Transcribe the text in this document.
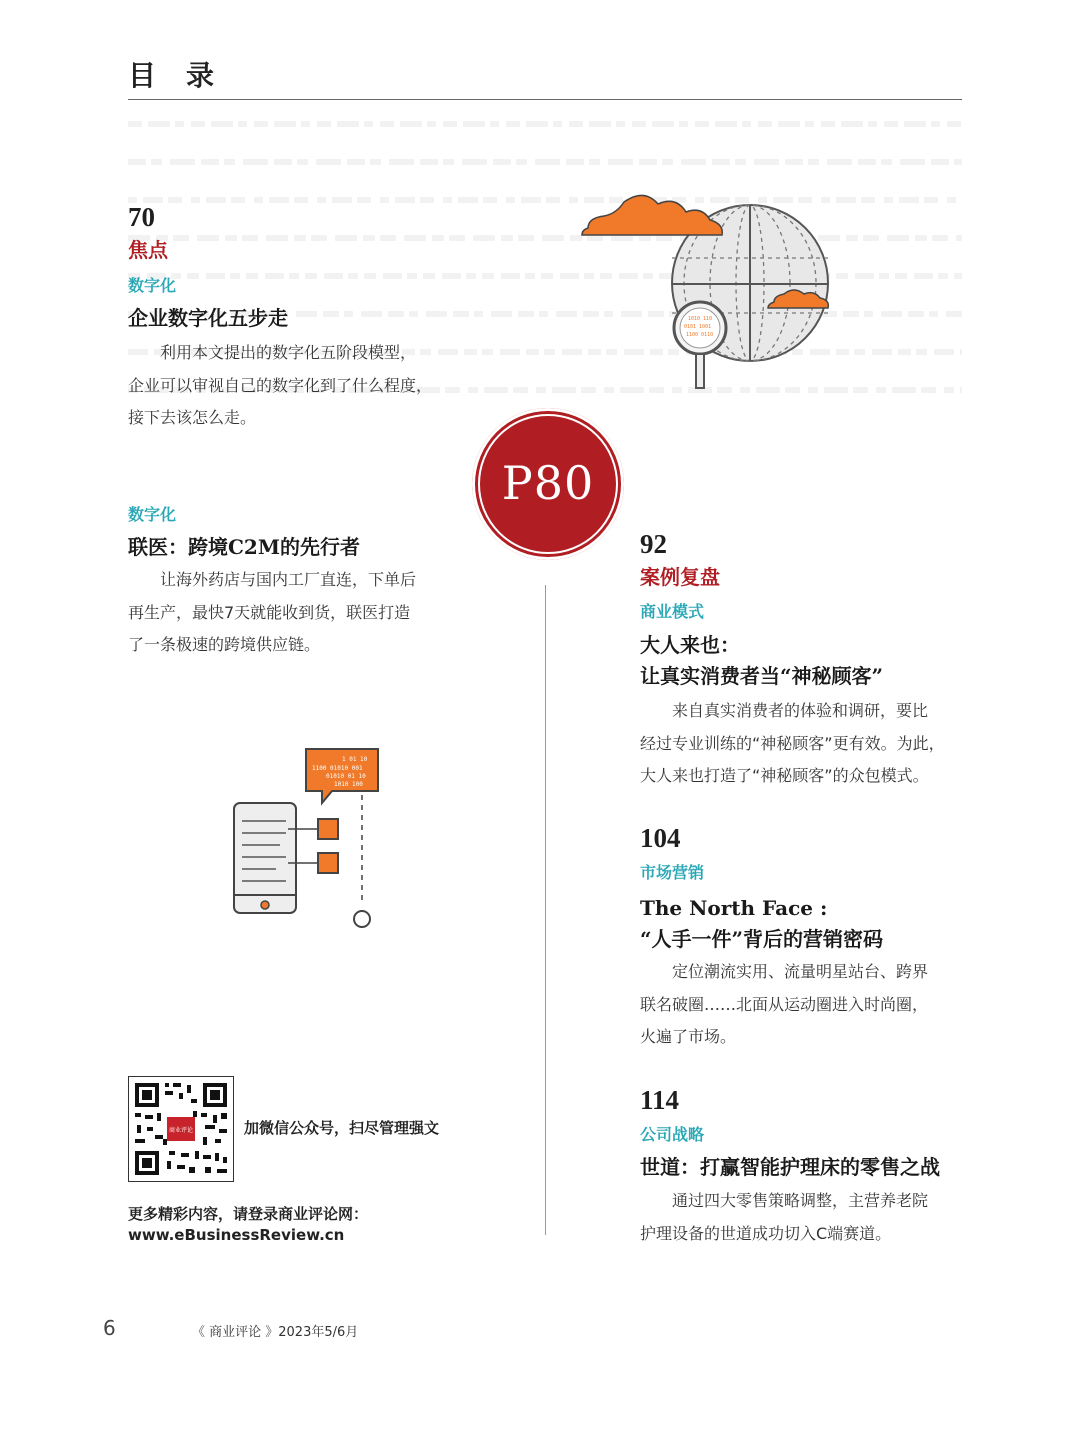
目录
70
焦点
数字化
企业数字化五步走
利用本文提出的数字化五阶段模型，
企业可以审视自己的数字化到了什么程度，
接下去该怎么走。
1010 110
0101 1001
1100 0110
P80
数字化
联医：跨境C2M的先行者
让海外药店与国内工厂直连，下单后
再生产，最快7天就能收到货，联医打造
了一条极速的跨境供应链。
1 01 10
1100 01010 001
01010 01 10
1010 100
92
案例复盘
商业模式
大人来也：
让真实消费者当“神秘顾客”
来自真实消费者的体验和调研，要比
经过专业训练的“神秘顾客”更有效。为此，
大人来也打造了“神秘顾客”的众包模式。
104
市场营销
The North Face :
“人手一件”背后的营销密码
定位潮流实用、流量明星站台、跨界
联名破圈……北面从运动圈进入时尚圈，
火遍了市场。
114
公司战略
世道：打赢智能护理床的零售之战
通过四大零售策略调整，主营养老院
护理设备的世道成功切入C端赛道。
商业评论	加微信公众号，扫尽管理强文
更多精彩内容，请登录商业评论网：
www.eBusinessReview.cn
6	《 商业评论 》2023年5/6月
